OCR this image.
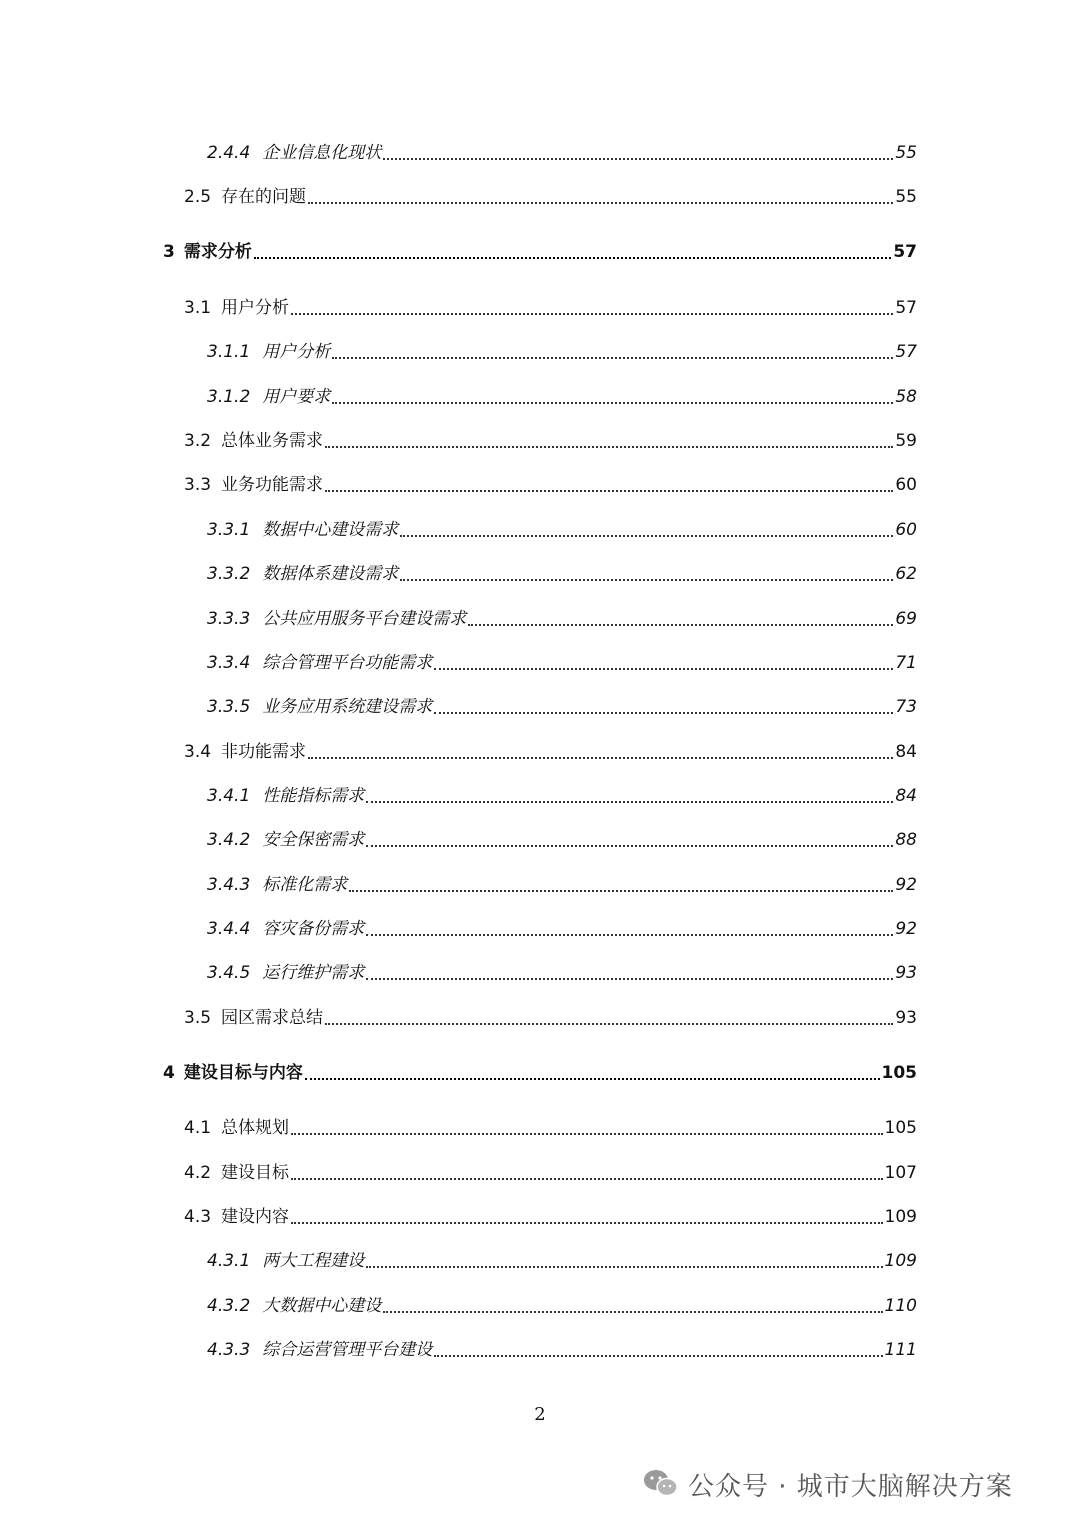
2.4.4 企业信息化现状	55
2.5 存在的问题	55
3 需求分析	57
3.1 用户分析	57
3.1.1 用户分析	57
3.1.2 用户要求	58
3.2 总体业务需求	59
3.3 业务功能需求	60
3.3.1 数据中心建设需求	60
3.3.2 数据体系建设需求	62
3.3.3 公共应用服务平台建设需求	69
3.3.4 综合管理平台功能需求	71
3.3.5 业务应用系统建设需求	73
3.4 非功能需求	84
3.4.1 性能指标需求	84
3.4.2 安全保密需求	88
3.4.3 标准化需求	92
3.4.4 容灾备份需求	92
3.4.5 运行维护需求	93
3.5 园区需求总结	93
4 建设目标与内容	105
4.1 总体规划	105
4.2 建设目标	107
4.3 建设内容	109
4.3.1 两大工程建设	109
4.3.2 大数据中心建设	110
4.3.3 综合运营管理平台建设	111
2
公众号 · 城市大脑解决方案
